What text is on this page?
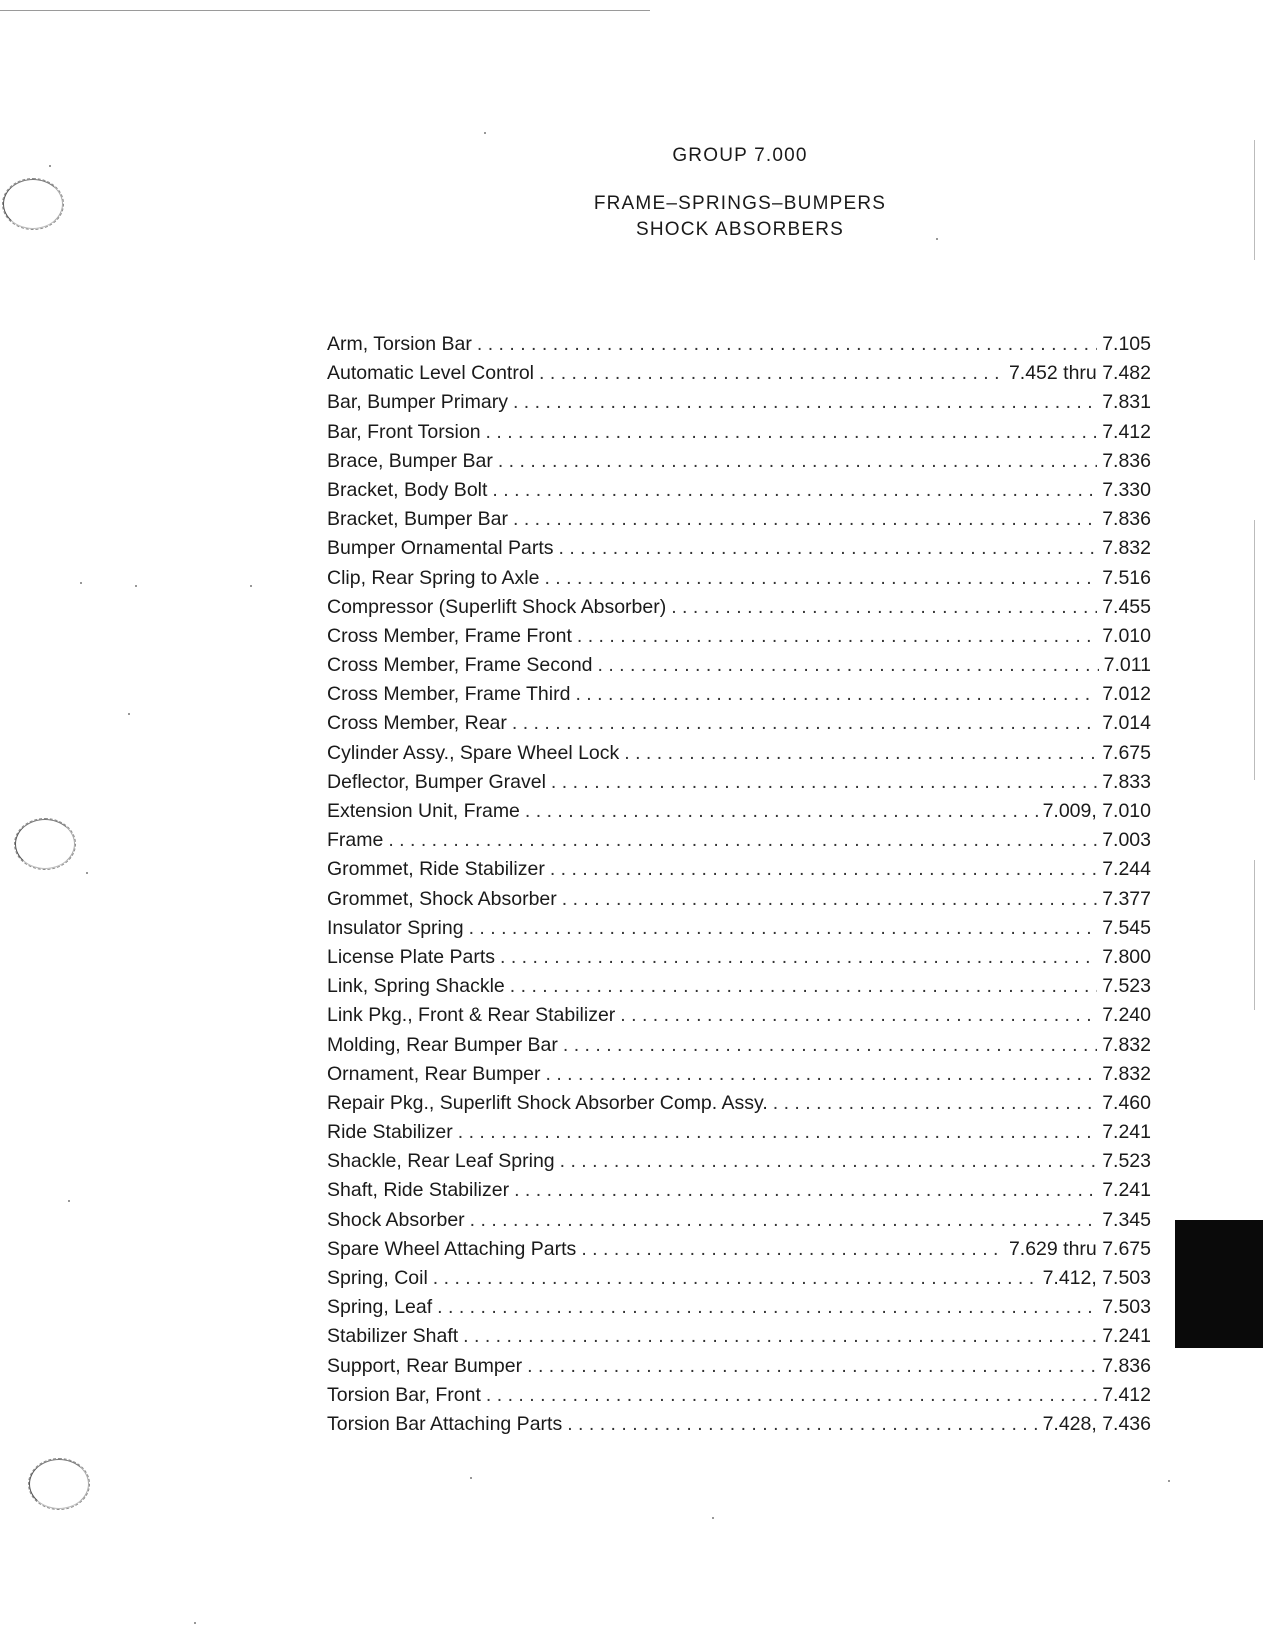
GROUP 7.000
FRAME–SPRINGS–BUMPERS
SHOCK ABSORBERS
Arm, Torsion Bar . . .	7.105
Automatic Level Control . . .	7.452 thru 7.482
Bar, Bumper Primary . . .	7.831
Bar, Front Torsion . . .	7.412
Brace, Bumper Bar . . .	7.836
Bracket, Body Bolt . . .	7.330
Bracket, Bumper Bar . . .	7.836
Bumper Ornamental Parts . . .	7.832
Clip, Rear Spring to Axle . . .	7.516
Compressor (Superlift Shock Absorber) . . .	7.455
Cross Member, Frame Front . . .	7.010
Cross Member, Frame Second . . .	7.011
Cross Member, Frame Third . . .	7.012
Cross Member, Rear . . .	7.014
Cylinder Assy., Spare Wheel Lock . . .	7.675
Deflector, Bumper Gravel . . .	7.833
Extension Unit, Frame . . .	7.009, 7.010
Frame . . .	7.003
Grommet, Ride Stabilizer . . .	7.244
Grommet, Shock Absorber . . .	7.377
Insulator Spring . . .	7.545
License Plate Parts . . .	7.800
Link, Spring Shackle . . .	7.523
Link Pkg., Front & Rear Stabilizer . . .	7.240
Molding, Rear Bumper Bar . . .	7.832
Ornament, Rear Bumper . . .	7.832
Repair Pkg., Superlift Shock Absorber Comp. Assy. . . .	7.460
Ride Stabilizer . . .	7.241
Shackle, Rear Leaf Spring . . .	7.523
Shaft, Ride Stabilizer . . .	7.241
Shock Absorber . . .	7.345
Spare Wheel Attaching Parts . . .	7.629 thru 7.675
Spring, Coil . . .	7.412, 7.503
Spring, Leaf . . .	7.503
Stabilizer Shaft . . .	7.241
Support, Rear Bumper . . .	7.836
Torsion Bar, Front . . .	7.412
Torsion Bar Attaching Parts . . .	7.428, 7.436
